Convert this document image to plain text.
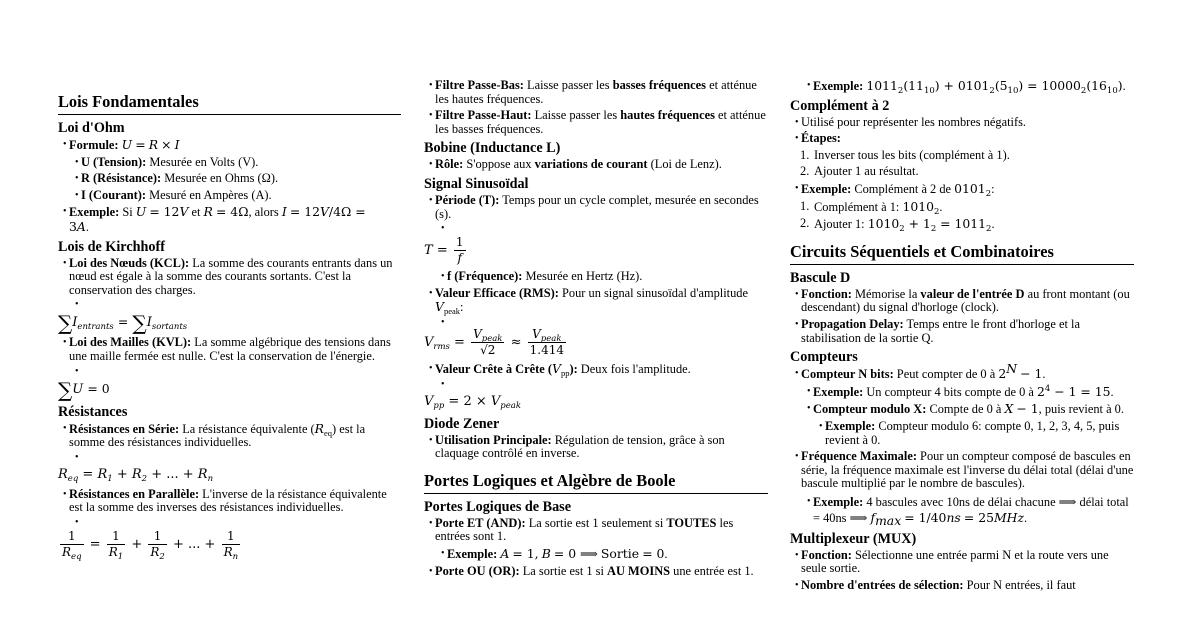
Lois Fondamentales
Loi d'Ohm
• Formule: U = R × I
• U (Tension): Mesurée en Volts (V).
• R (Résistance): Mesurée en Ohms (Ω).
• I (Courant): Mesuré en Ampères (A).
• Exemple: Si U = 12V et R = 4Ω, alors I = 12V/4Ω =
3A.
Lois de Kirchhoff
• Loi des Nœuds (KCL): La somme des courants entrants dans un nœud est égale à la somme des courants sortants. C'est la conservation des charges.
•
$\sum I_{entrants} = \sum I_{sortants}$
• Loi des Mailles (KVL): La somme algébrique des tensions dans une maille fermée est nulle. C'est la conservation de l'énergie.
•
∑U = 0
Résistances
• Résistances en Série: La résistance équivalente $(R_{eq})$ est la somme des résistances individuelles.
•
$R_{eq} = R_1 + R_2$ + ... + $R_n$
• Résistances en Parallèle: L'inverse de la résistance équivalente est la somme des inverses des résistances individuelles.
•
$\frac{1}{R_{eq}} = \frac{1}{R_1} + \frac{1}{R_2}$ + ... + $\frac{1}{R_n}$
• Filtre Passe-Bas: Laisse passer les basses fréquences et atténue les hautes fréquences.
• Filtre Passe-Haut: Laisse passer les hautes fréquences et atténue les basses fréquences.
Bobine (Inductance L)
• Rôle: S'oppose aux variations de courant (Loi de Lenz).
Signal Sinusoïdal
• Période (T): Temps pour un cycle complet, mesurée en secondes (s).
•
$T = \frac{1}{f}$
• f (Fréquence): Mesurée en Hertz (Hz).
• Valeur Efficace (RMS): Pour un signal sinusoïdal d'amplitude
$V_{peak}$:
•
$V_{rms} = \frac{V_{peak}}{√2} \approx \frac{V_{peak}}{1.414}$
• Valeur Crête à Crête $(V_{pp})$: Deux fois l'amplitude.
•
$V_{pp} = 2 \times V_{peak}$
Diode Zener
• Utilisation Principale: Régulation de tension, grâce à son claquage contrôlé en inverse.
Portes Logiques et Algèbre de Boole
Portes Logiques de Base
• Porte ET (AND): La sortie est 1 seulement si TOUTES les entrées sont 1.
• Exemple: A = 1, B = 0 ⟹ Sortie = 0.
• Porte OU (OR): La sortie est 1 si AU MOINS une entrée est 1.
• Exemple: $1011_2(11_{10}) + 0101_2(5_{10}) = 10000_2(16_{10})$.
Complément à 2
• Utilisé pour représenter les nombres négatifs.
• Étapes:
1. Inverser tous les bits (complément à 1).
2. Ajouter 1 au résultat.
• Exemple: Complément à 2 de $0101_2$:
1. Complément à 1: $1010_2$.
2. Ajouter 1: $1010_2 + 1_2 = 1011_2$.
Circuits Séquentiels et Combinatoires
Bascule D
• Fonction: Mémorise la valeur de l'entrée D au front montant (ou descendant) du signal d'horloge (clock).
• Propagation Delay: Temps entre le front d'horloge et la stabilisation de la sortie Q.
Compteurs
• Compteur N bits: Peut compter de 0 à $2^N - 1$.
• Exemple: Un compteur 4 bits compte de 0 à $2^4 - 1 = 15$.
• Compteur modulo X: Compte de 0 à X − 1, puis revient à 0.
• Exemple: Compteur modulo 6: compte 0, 1, 2, 3, 4, 5, puis revient à 0.
• Fréquence Maximale: Pour un compteur composé de bascules en série, la fréquence maximale est l'inverse du délai total (délai d'une bascule multiplié par le nombre de bascules).
• Exemple: 4 bascules avec 10ns de délai chacune ⟹ délai total = 40ns ⟹ $f_{max} = 1/40ns = 25MHz$.
Multiplexeur (MUX)
• Fonction: Sélectionne une entrée parmi N et la route vers une seule sortie.
• Nombre d'entrées de sélection: Pour N entrées, il faut
